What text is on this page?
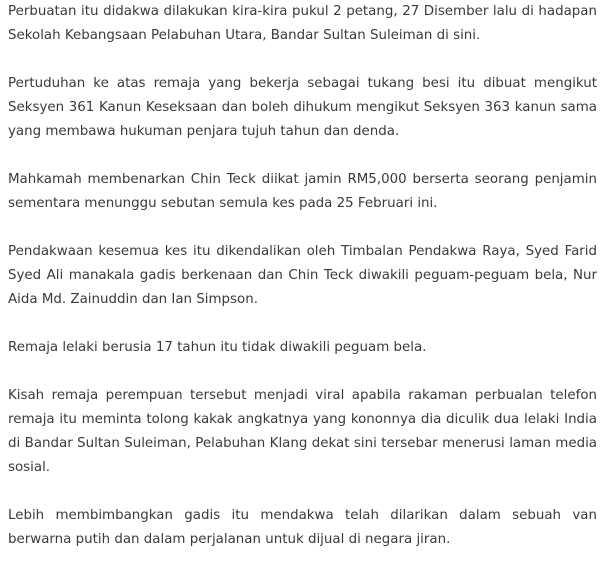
Perbuatan itu didakwa dilakukan kira-kira pukul 2 petang, 27 Disember lalu di hadapan Sekolah Kebangsaan Pelabuhan Utara, Bandar Sultan Suleiman di sini.

Pertuduhan ke atas remaja yang bekerja sebagai tukang besi itu dibuat mengikut Seksyen 361 Kanun Keseksaan dan boleh dihukum mengikut Seksyen 363 kanun sama yang membawa hukuman penjara tujuh tahun dan denda.

Mahkamah membenarkan Chin Teck diikat jamin RM5,000 berserta seorang penjamin sementara menunggu sebutan semula kes pada 25 Februari ini.

Pendakwaan kesemua kes itu dikendalikan oleh Timbalan Pendakwa Raya, Syed Farid Syed Ali manakala gadis berkenaan dan Chin Teck diwakili peguam-peguam bela, Nur Aida Md. Zainuddin dan Ian Simpson.

Remaja lelaki berusia 17 tahun itu tidak diwakili peguam bela.

Kisah remaja perempuan tersebut menjadi viral apabila rakaman perbualan telefon remaja itu meminta tolong kakak angkatnya yang kononnya dia diculik dua lelaki India di Bandar Sultan Suleiman, Pelabuhan Klang dekat sini tersebar menerusi laman media sosial.

Lebih membimbangkan gadis itu mendakwa telah dilarikan dalam sebuah van berwarna putih dan dalam perjalanan untuk dijual di negara jiran.
